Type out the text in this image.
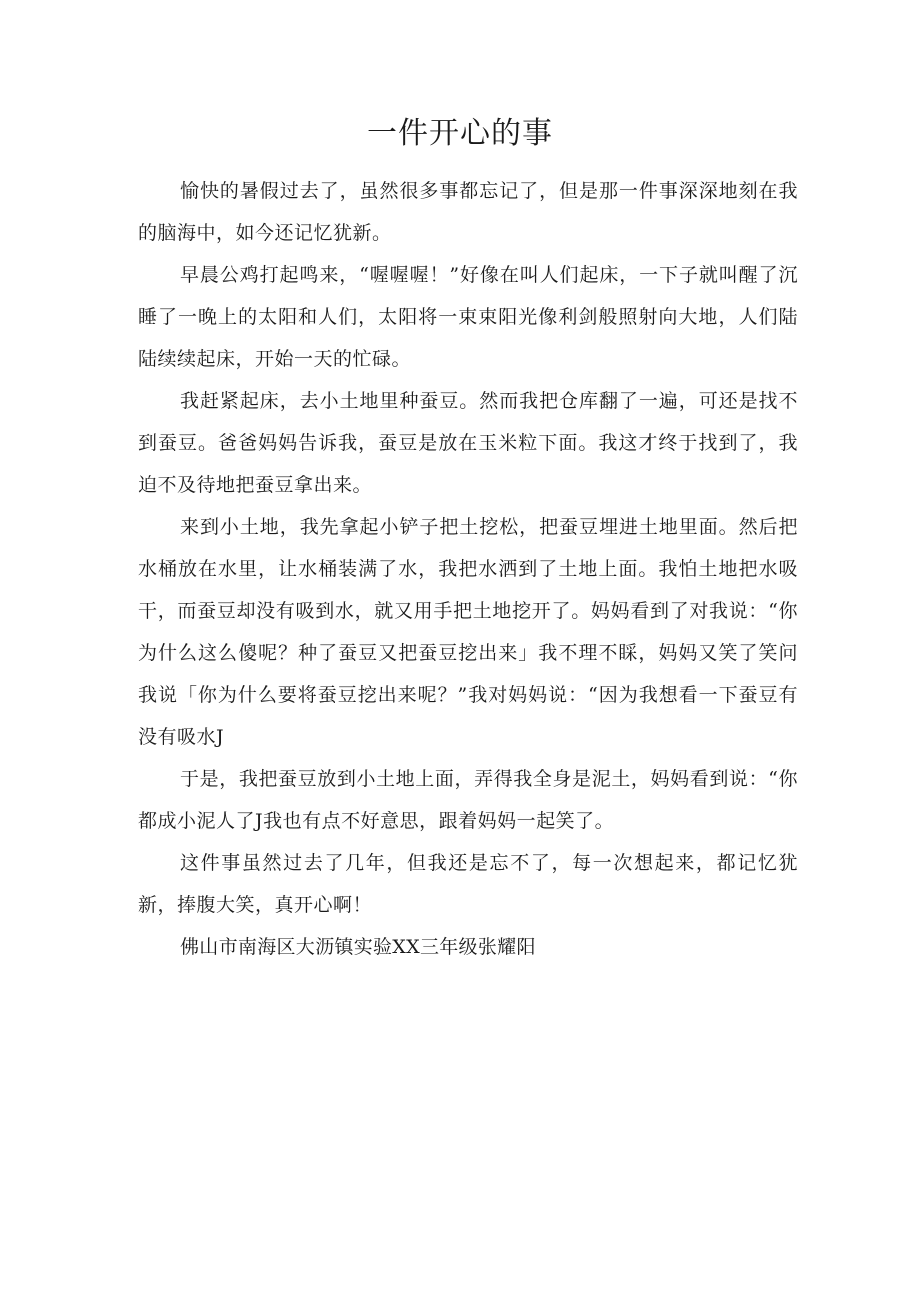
一件开心的事

愉快的暑假过去了，虽然很多事都忘记了，但是那一件事深深地刻在我的脑海中，如今还记忆犹新。

早晨公鸡打起鸣来，“喔喔喔！”好像在叫人们起床，一下子就叫醒了沉睡了一晚上的太阳和人们，太阳将一束束阳光像利剑般照射向大地，人们陆陆续续起床，开始一天的忙碌。

我赶紧起床，去小土地里种蚕豆。然而我把仓库翻了一遍，可还是找不到蚕豆。爸爸妈妈告诉我，蚕豆是放在玉米粒下面。我这才终于找到了，我迫不及待地把蚕豆拿出来。

来到小土地，我先拿起小铲子把土挖松，把蚕豆埋进土地里面。然后把水桶放在水里，让水桶装满了水，我把水洒到了土地上面。我怕土地把水吸干，而蚕豆却没有吸到水，就又用手把土地挖开了。妈妈看到了对我说：“你为什么这么傻呢？种了蚕豆又把蚕豆挖出来」我不理不睬，妈妈又笑了笑问我说「你为什么要将蚕豆挖出来呢？”我对妈妈说：“因为我想看一下蚕豆有没有吸水J

于是，我把蚕豆放到小土地上面，弄得我全身是泥土，妈妈看到说：“你都成小泥人了J我也有点不好意思，跟着妈妈一起笑了。

这件事虽然过去了几年，但我还是忘不了，每一次想起来，都记忆犹新，捧腹大笑，真开心啊！

佛山市南海区大沥镇实验XX三年级张耀阳
